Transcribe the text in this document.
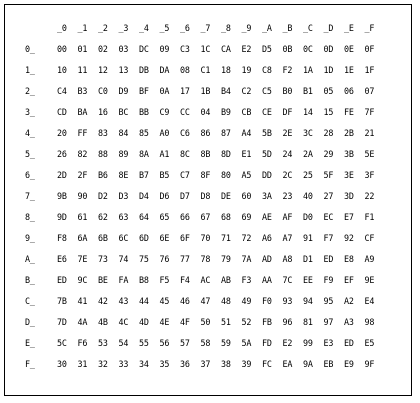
	_0	_1	_2	_3	_4	_5	_6	_7	_8	_9	_A	_B	_C	_D	_E	_F
0_	00	01	02	03	DC	09	C3	1C	CA	E2	D5	0B	0C	0D	0E	0F
1_	10	11	12	13	DB	DA	08	C1	18	19	C8	F2	1A	1D	1E	1F
2_	C4	B3	C0	D9	BF	0A	17	1B	B4	C2	C5	B0	B1	05	06	07
3_	CD	BA	16	BC	BB	C9	CC	04	B9	CB	CE	DF	14	15	FE	7F
4_	20	FF	83	84	85	A0	C6	86	87	A4	5B	2E	3C	28	2B	21
5_	26	82	88	89	8A	A1	8C	8B	8D	E1	5D	24	2A	29	3B	5E
6_	2D	2F	B6	8E	B7	B5	C7	8F	80	A5	DD	2C	25	5F	3E	3F
7_	9B	90	D2	D3	D4	D6	D7	D8	DE	60	3A	23	40	27	3D	22
8_	9D	61	62	63	64	65	66	67	68	69	AE	AF	D0	EC	E7	F1
9_	F8	6A	6B	6C	6D	6E	6F	70	71	72	A6	A7	91	F7	92	CF
A_	E6	7E	73	74	75	76	77	78	79	7A	AD	A8	D1	ED	E8	A9
B_	ED	9C	BE	FA	B8	F5	F4	AC	AB	F3	AA	7C	EE	F9	EF	9E
C_	7B	41	42	43	44	45	46	47	48	49	F0	93	94	95	A2	E4
D_	7D	4A	4B	4C	4D	4E	4F	50	51	52	FB	96	81	97	A3	98
E_	5C	F6	53	54	55	56	57	58	59	5A	FD	E2	99	E3	ED	E5
F_	30	31	32	33	34	35	36	37	38	39	FC	EA	9A	EB	E9	9F
